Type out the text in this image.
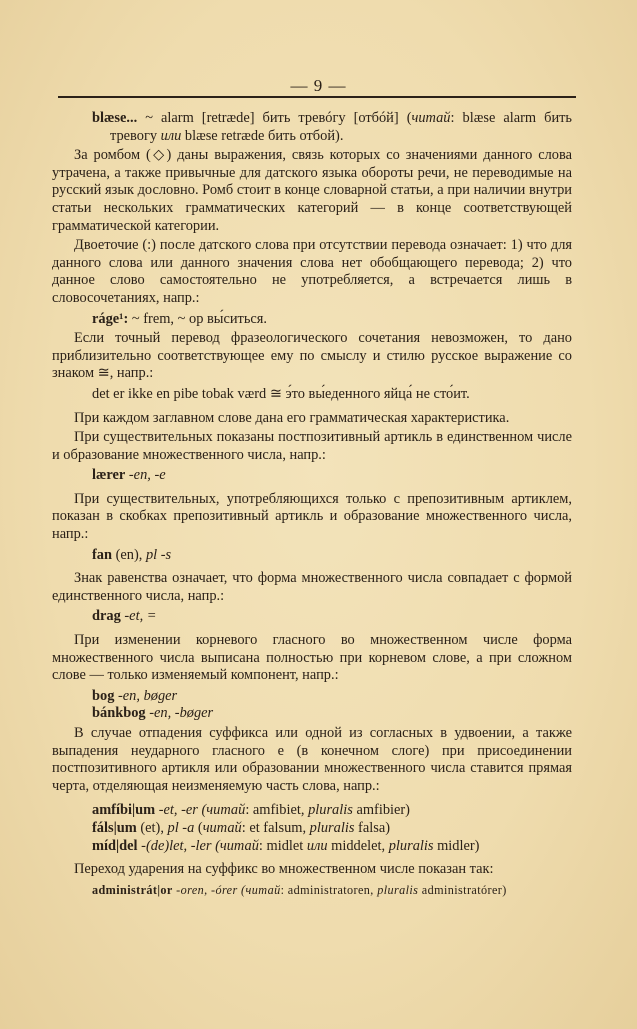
— 9 —

blæse... ~ alarm [retræde] бить тревóгу [отбóй] (читай: blæse alarm бить тревогу или blæse retræde бить отбой).

За ромбом (◇) даны выражения, связь которых со значениями данного слова утрачена, а также привычные для датского языка обороты речи, не переводимые на русский язык дословно. Ромб стоит в конце словарной статьи, а при наличии внутри статьи нескольких грамматических категорий — в конце соответствующей грамматической категории.

Двоеточие (:) после датского слова при отсутствии перевода означает: 1) что для данного слова или данного значения слова нет обобщающего перевода; 2) что данное слово самостоятельно не употребляется, а встречается лишь в словосочетаниях, напр.:

ráge¹: ~ frem, ~ op вы́ситься.

Если точный перевод фразеологического сочетания невозможен, то дано приблизительно соответствующее ему по смыслу и стилю русское выражение со знаком ≅, напр.:

det er ikke en pibe tobak værd ≅ э́то вы́еденного яйца́ не сто́ит.

При каждом заглавном слове дана его грамматическая характеристика.

При существительных показаны постпозитивный артикль в единственном числе и образование множественного числа, напр.:

lærer -en, -e

При существительных, употребляющихся только с препозитивным артиклем, показан в скобках препозитивный артикль и образование множественного числа, напр.:

fan (en), pl -s

Знак равенства означает, что форма множественного числа совпадает с формой единственного числа, напр.:

drag -et, =

При изменении корневого гласного во множественном числе форма множественного числа выписана полностью при корневом слове, а при сложном слове — только изменяемый компонент, напр.:

bog -en, bøger

bánkbog -en, -bøger

В случае отпадения суффикса или одной из согласных в удвоении, а также выпадения неударного гласного e (в конечном слоге) при присоединении постпозитивного артикля или образовании множественного числа ставится прямая черта, отделяющая неизменяемую часть слова, напр.:

amfíbi|um -et, -er (читай: amfibiet, pluralis amfibier)

fáls|um (et), pl -a (читай: et falsum, pluralis falsa)

míd|del -(de)let, -ler (читай: midlet или middelet, pluralis midler)

Переход ударения на суффикс во множественном числе показан так:

administrát|or -oren, -órer (читай: administratoren, pluralis administratórer)
